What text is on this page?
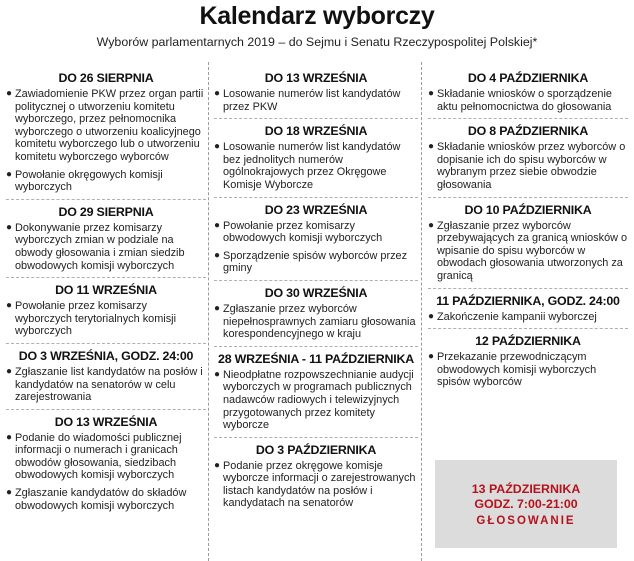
Kalendarz wyborczy
Wyborów parlamentarnych 2019 – do Sejmu i Senatu Rzeczypospolitej Polskiej*
DO 26 SIERPNIA
● Zawiadomienie PKW przez organ partii politycznej o utworzeniu komitetu wyborczego, przez pełnomocnika wyborczego o utworzeniu koalicyjnego komitetu wyborczego lub o utworzeniu komitetu wyborczego wyborców
● Powołanie okręgowych komisji wyborczych
DO 29 SIERPNIA
● Dokonywanie przez komisarzy wyborczych zmian w podziale na obwody głosowania i zmian siedzib obwodowych komisji wyborczych
DO 11 WRZEŚNIA
● Powołanie przez komisarzy wyborczych terytorialnych komisji wyborczych
DO 3 WRZEŚNIA, GODZ. 24:00
● Zgłaszanie list kandydatów na posłów i kandydatów na senatorów w celu zarejestrowania
DO 13 WRZEŚNIA
● Podanie do wiadomości publicznej informacji o numerach i granicach obwodów głosowania, siedzibach obwodowych komisji wyborczych
● Zgłaszanie kandydatów do składów obwodowych komisji wyborczych
DO 13 WRZEŚNIA
● Losowanie numerów list kandydatów przez PKW
DO 18 WRZEŚNIA
● Losowanie numerów list kandydatów bez jednolitych numerów ogólnokrajowych przez Okręgowe Komisje Wyborcze
DO 23 WRZEŚNIA
● Powołanie przez komisarzy obwodowych komisji wyborczych
● Sporządzenie spisów wyborców przez gminy
DO 30 WRZEŚNIA
● Zgłaszanie przez wyborców niepełnosprawnych zamiaru głosowania korespondencyjnego w kraju
28 WRZEŚNIA - 11 PAŹDZIERNIKA
● Nieodpłatne rozpowszechnianie audycji wyborczych w programach publicznych nadawców radiowych i telewizyjnych przygotowanych przez komitety wyborcze
DO 3 PAŹDZIERNIKA
● Podanie przez okręgowe komisje wyborcze informacji o zarejestrowanych listach kandydatów na posłów i kandydatach na senatorów
DO 4 PAŹDZIERNIKA
● Składanie wniosków o sporządzenie aktu pełnomocnictwa do głosowania
DO 8 PAŹDZIERNIKA
● Składanie wniosków przez wyborców o dopisanie ich do spisu wyborców w wybranym przez siebie obwodzie głosowania
DO 10 PAŹDZIERNIKA
● Zgłaszanie przez wyborców przebywających za granicą wniosków o wpisanie do spisu wyborców w obwodach głosowania utworzonych za granicą
11 PAŹDZIERNIKA, GODZ. 24:00
● Zakończenie kampanii wyborczej
12 PAŹDZIERNIKA
● Przekazanie przewodniczącym obwodowych komisji wyborczych spisów wyborców
13 PAŹDZIERNIKA
GODZ. 7:00-21:00
GŁOSOWANIE
